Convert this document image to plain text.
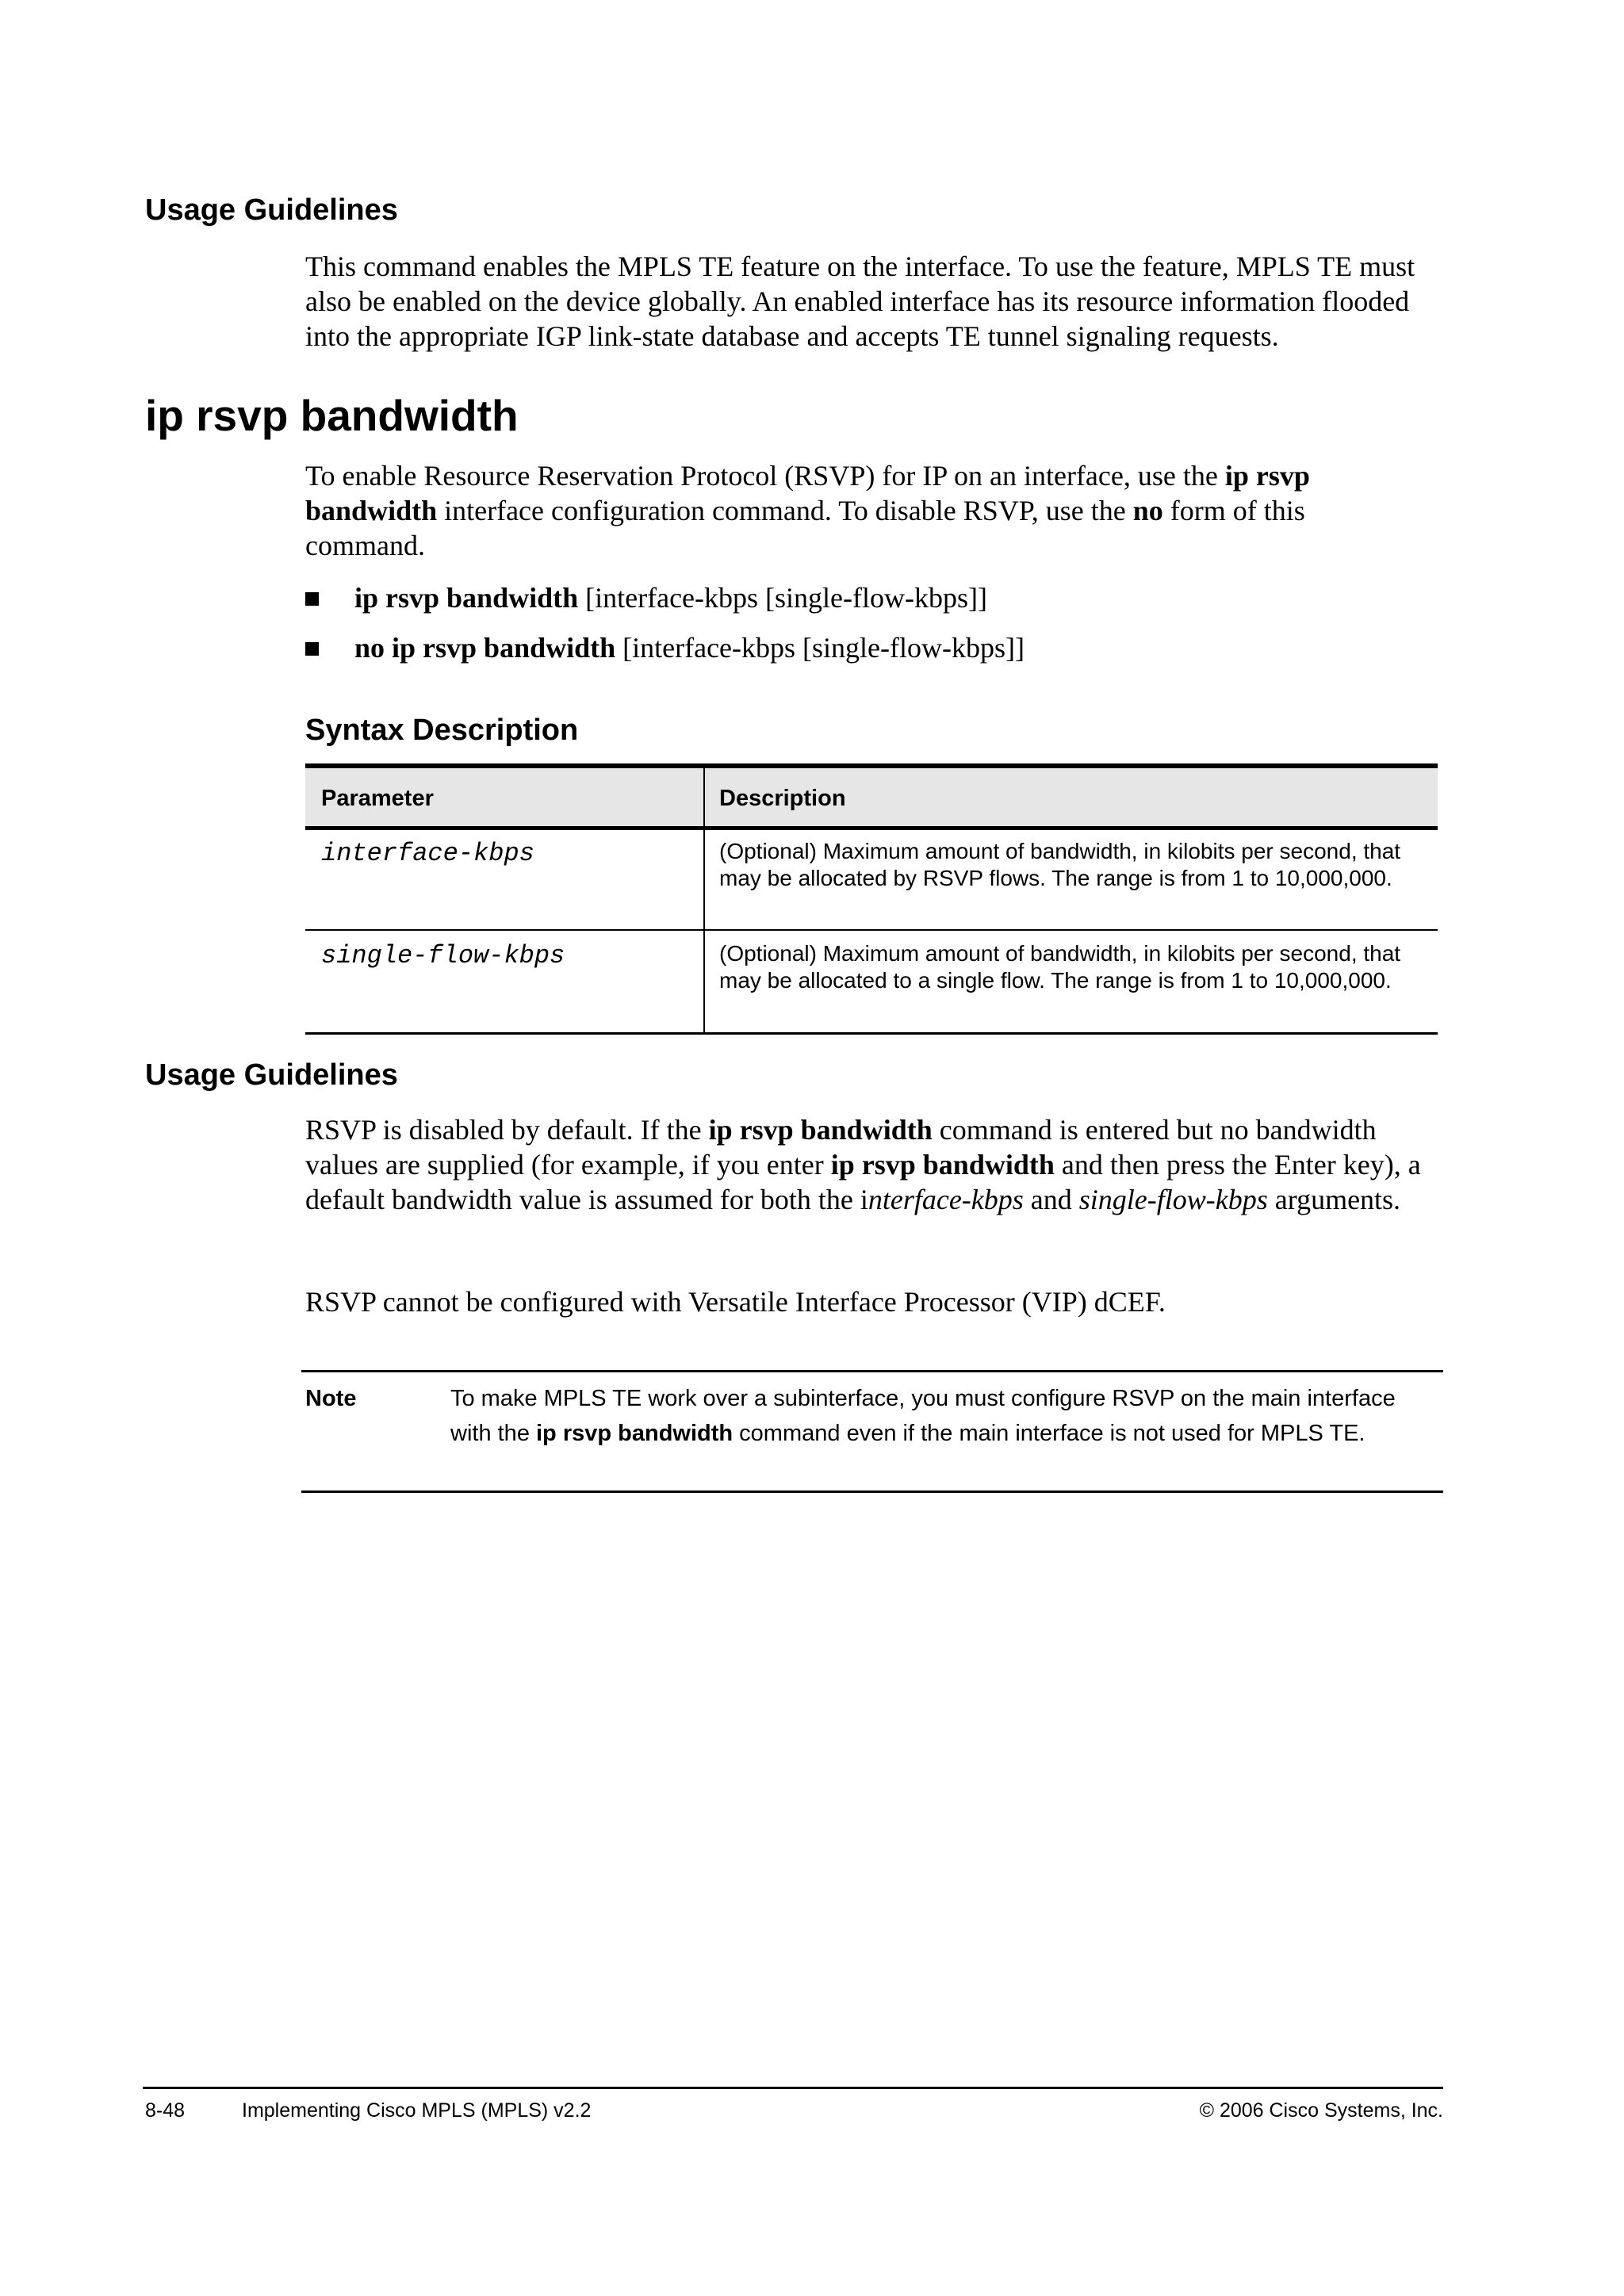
Usage Guidelines
This command enables the MPLS TE feature on the interface. To use the feature, MPLS TE must also be enabled on the device globally. An enabled interface has its resource information flooded into the appropriate IGP link-state database and accepts TE tunnel signaling requests.
ip rsvp bandwidth
To enable Resource Reservation Protocol (RSVP) for IP on an interface, use the ip rsvp bandwidth interface configuration command. To disable RSVP, use the no form of this command.
ip rsvp bandwidth [interface-kbps [single-flow-kbps]]
no ip rsvp bandwidth [interface-kbps [single-flow-kbps]]
Syntax Description
Parameter	Description
interface-kbps	(Optional) Maximum amount of bandwidth, in kilobits per second, that may be allocated by RSVP flows. The range is from 1 to 10,000,000.
single-flow-kbps	(Optional) Maximum amount of bandwidth, in kilobits per second, that may be allocated to a single flow. The range is from 1 to 10,000,000.
Usage Guidelines
RSVP is disabled by default. If the ip rsvp bandwidth command is entered but no bandwidth values are supplied (for example, if you enter ip rsvp bandwidth and then press the Enter key), a default bandwidth value is assumed for both the interface-kbps and single-flow-kbps arguments.
RSVP cannot be configured with Versatile Interface Processor (VIP) dCEF.
Note	To make MPLS TE work over a subinterface, you must configure RSVP on the main interface with the ip rsvp bandwidth command even if the main interface is not used for MPLS TE.
8-48	Implementing Cisco MPLS (MPLS) v2.2	© 2006 Cisco Systems, Inc.
